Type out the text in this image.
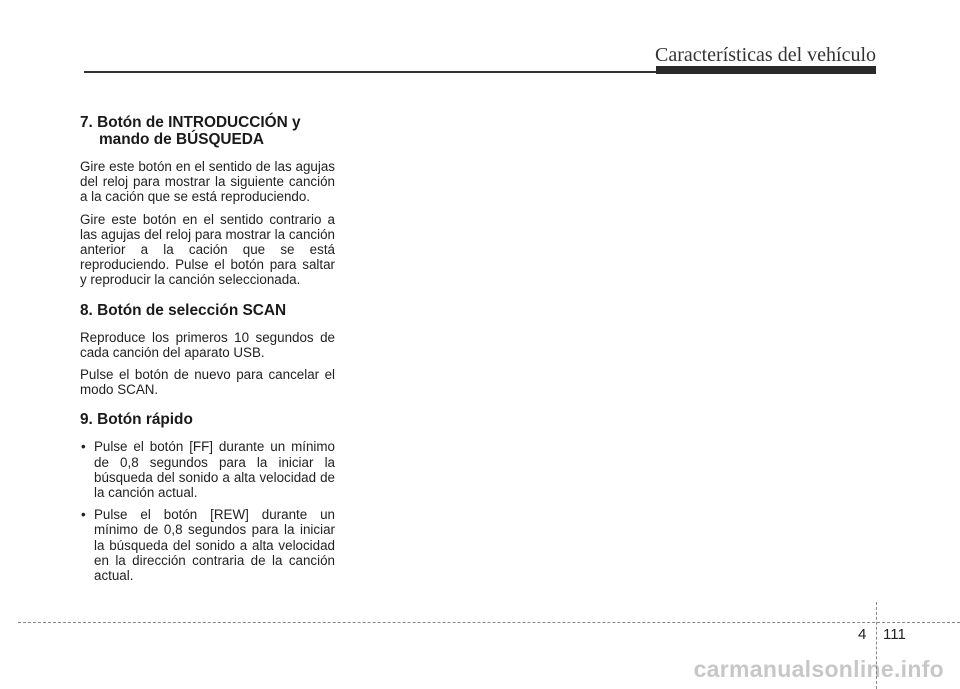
Características del vehículo
7. Botón de INTRODUCCIÓN y
mando de BÚSQUEDA

Gire este botón en el sentido de las agujas del reloj para mostrar la siguiente canción a la cación que se está reproduciendo.

Gire este botón en el sentido contrario a las agujas del reloj para mostrar la canción anterior a la cación que se está reproduciendo. Pulse el botón para saltar y reproducir la canción seleccionada.

8. Botón de selección SCAN

Reproduce los primeros 10 segundos de cada canción del aparato USB.

Pulse el botón de nuevo para cancelar el modo SCAN.

9. Botón rápido
• Pulse el botón [FF] durante un mínimo de 0,8 segundos para la iniciar la búsqueda del sonido a alta velocidad de la canción actual.
• Pulse el botón [REW] durante un mínimo de 0,8 segundos para la iniciar la búsqueda del sonido a alta velocidad en la dirección contraria de la canción actual.
4 111
carmanualsonline.info
